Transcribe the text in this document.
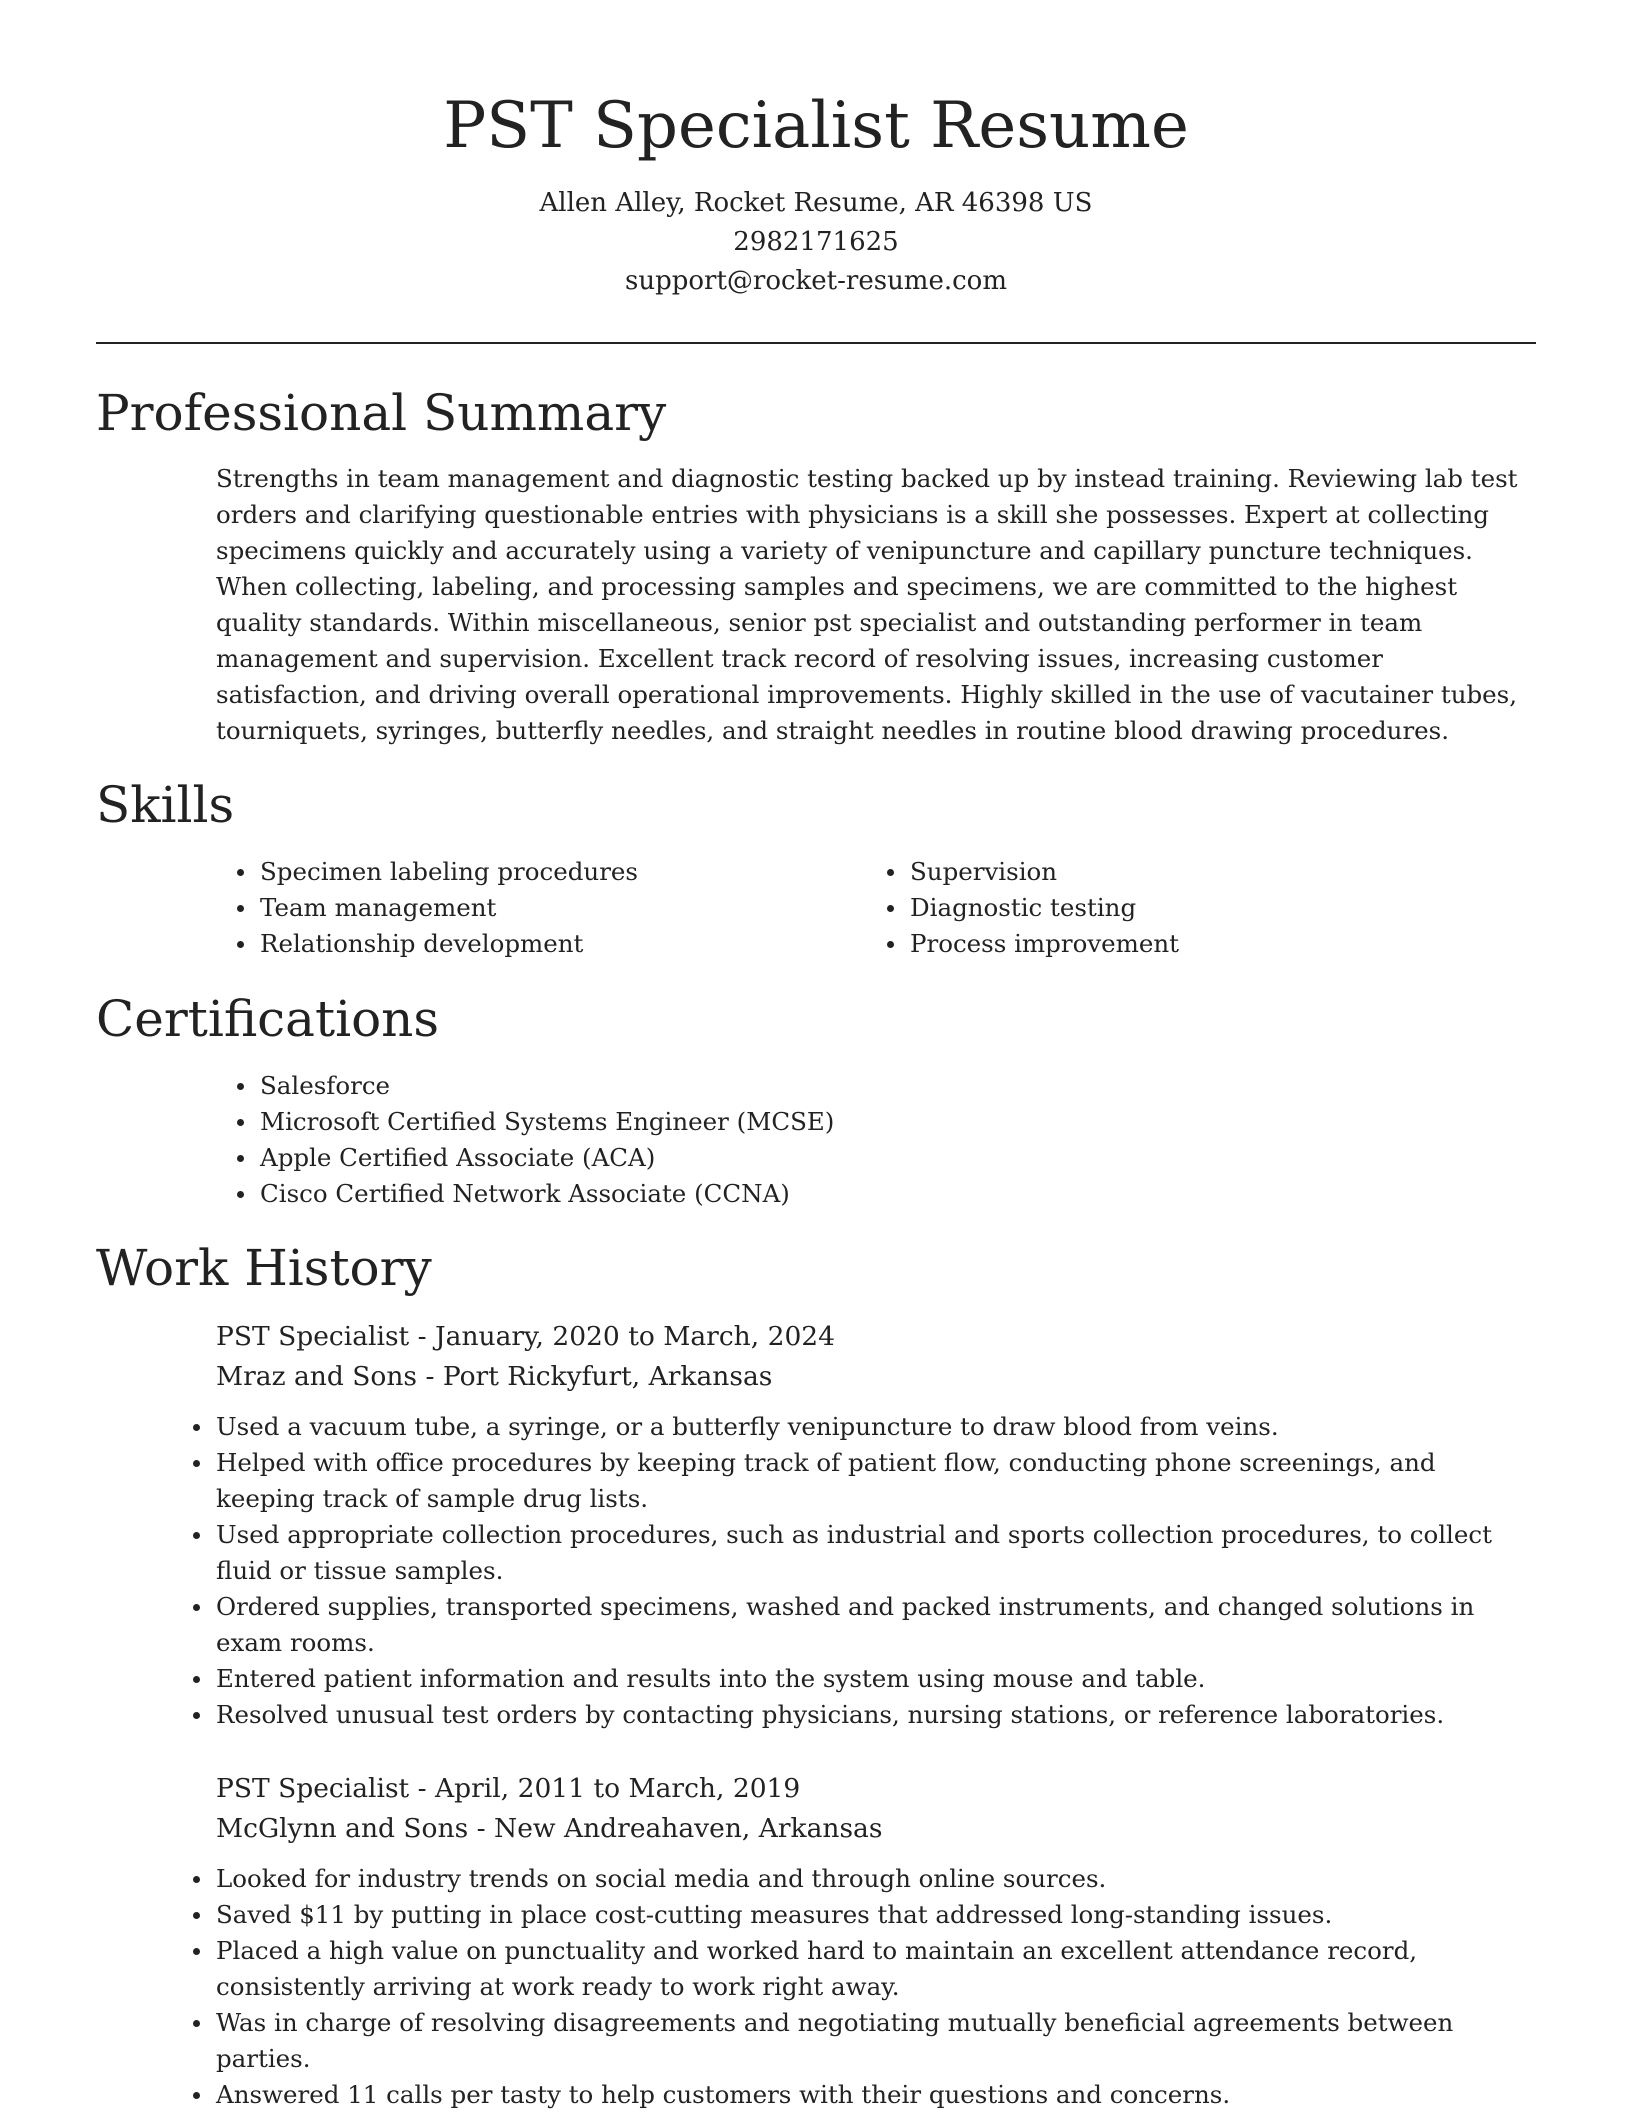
PST Specialist Resume
Allen Alley, Rocket Resume, AR 46398 US
2982171625
support@rocket-resume.com
Professional Summary

Strengths in team management and diagnostic testing backed up by instead training. Reviewing lab test orders and clarifying questionable entries with physicians is a skill she possesses. Expert at collecting specimens quickly and accurately using a variety of venipuncture and capillary puncture techniques. When collecting, labeling, and processing samples and specimens, we are committed to the highest quality standards. Within miscellaneous, senior pst specialist and outstanding performer in team management and supervision. Excellent track record of resolving issues, increasing customer satisfaction, and driving overall operational improvements. Highly skilled in the use of vacutainer tubes, tourniquets, syringes, butterfly needles, and straight needles in routine blood drawing procedures.

Skills
Specimen labeling procedures
Team management
Relationship development
Supervision
Diagnostic testing
Process improvement
Certifications
Salesforce
Microsoft Certified Systems Engineer (MCSE)
Apple Certified Associate (ACA)
Cisco Certified Network Associate (CCNA)
Work History
PST Specialist - January, 2020 to March, 2024
Mraz and Sons - Port Rickyfurt, Arkansas
Used a vacuum tube, a syringe, or a butterfly venipuncture to draw blood from veins.
Helped with office procedures by keeping track of patient flow, conducting phone screenings, and keeping track of sample drug lists.
Used appropriate collection procedures, such as industrial and sports collection procedures, to collect fluid or tissue samples.
Ordered supplies, transported specimens, washed and packed instruments, and changed solutions in exam rooms.
Entered patient information and results into the system using mouse and table.
Resolved unusual test orders by contacting physicians, nursing stations, or reference laboratories.
PST Specialist - April, 2011 to March, 2019
McGlynn and Sons - New Andreahaven, Arkansas
Looked for industry trends on social media and through online sources.
Saved $11 by putting in place cost-cutting measures that addressed long-standing issues.
Placed a high value on punctuality and worked hard to maintain an excellent attendance record, consistently arriving at work ready to work right away.
Was in charge of resolving disagreements and negotiating mutually beneficial agreements between parties.
Answered 11 calls per tasty to help customers with their questions and concerns.
